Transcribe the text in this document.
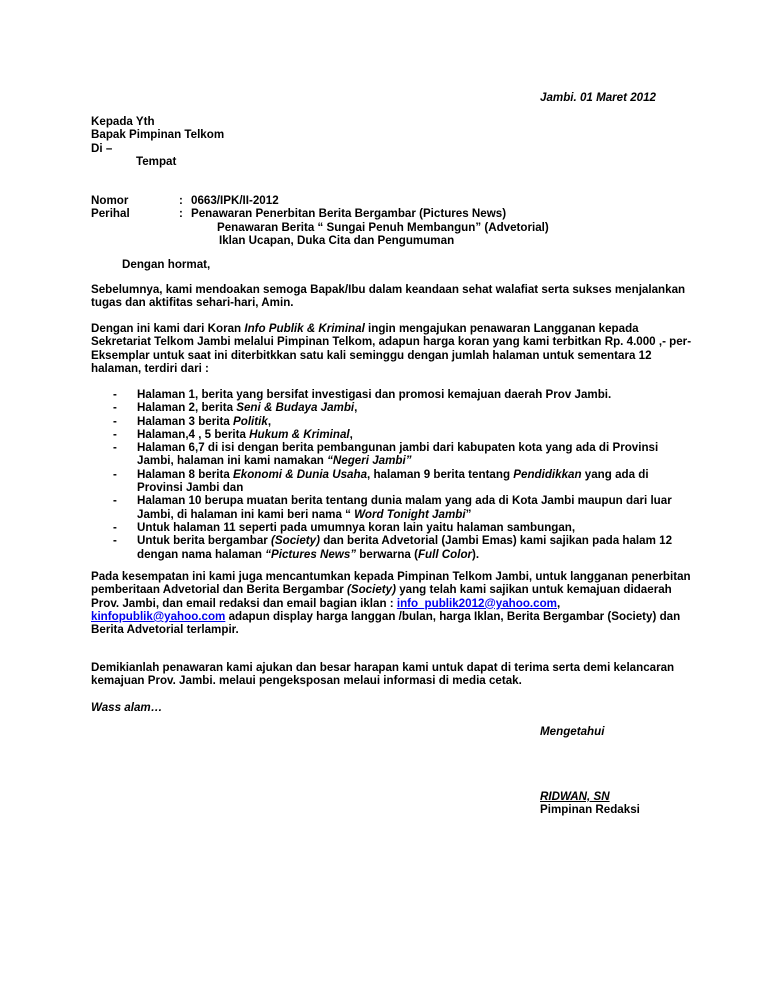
Jambi. 01 Maret 2012
Kepada Yth
Bapak Pimpinan Telkom
Di –
Tempat
Nomor	: 0663/IPK/II-2012
Perihal	: Penawaran Penerbitan Berita Bergambar (Pictures News)
Penawaran Berita “ Sungai Penuh Membangun” (Advetorial)
Iklan Ucapan, Duka Cita dan Pengumuman
Dengan hormat,
Sebelumnya, kami mendoakan semoga Bapak/Ibu dalam keandaan sehat walafiat serta sukses menjalankan
tugas dan aktifitas sehari-hari, Amin.
Dengan ini kami dari Koran Info Publik & Kriminal ingin mengajukan penawaran Langganan kepada
Sekretariat Telkom Jambi melalui Pimpinan Telkom, adapun harga koran yang kami terbitkan Rp. 4.000 ,- per-
Eksemplar untuk saat ini diterbitkkan satu kali seminggu dengan jumlah halaman untuk sementara 12
halaman, terdiri dari :
-	Halaman 1, berita yang bersifat investigasi dan promosi kemajuan daerah Prov Jambi.
-	Halaman 2, berita Seni & Budaya Jambi,
-	Halaman 3 berita Politik,
-	Halaman,4 , 5 berita Hukum & Kriminal,
-	Halaman 6,7 di isi dengan berita pembangunan jambi dari kabupaten kota yang ada di Provinsi
Jambi, halaman ini kami namakan “Negeri Jambi”
-	Halaman 8 berita Ekonomi & Dunia Usaha, halaman 9 berita tentang Pendidikkan yang ada di
Provinsi Jambi dan
-	Halaman 10 berupa muatan berita tentang dunia malam yang ada di Kota Jambi maupun dari luar
Jambi, di halaman ini kami beri nama “ Word Tonight Jambi”
-	Untuk halaman 11 seperti pada umumnya koran lain yaitu halaman sambungan,
-	Untuk berita bergambar (Society) dan berita Advetorial (Jambi Emas) kami sajikan pada halam 12
dengan nama halaman “Pictures News” berwarna (Full Color).
Pada kesempatan ini kami juga mencantumkan kepada Pimpinan Telkom Jambi, untuk langganan penerbitan
pemberitaan Advetorial dan Berita Bergambar (Society) yang telah kami sajikan untuk kemajuan didaerah
Prov. Jambi, dan email redaksi dan email bagian iklan : info_publik2012@yahoo.com,
kinfopublik@yahoo.com adapun display harga langgan /bulan, harga Iklan, Berita Bergambar (Society) dan
Berita Advetorial terlampir.
Demikianlah penawaran kami ajukan dan besar harapan kami untuk dapat di terima serta demi kelancaran
kemajuan Prov. Jambi. melaui pengeksposan melaui informasi di media cetak.
Wass alam…
Mengetahui
RIDWAN, SN
Pimpinan Redaksi
